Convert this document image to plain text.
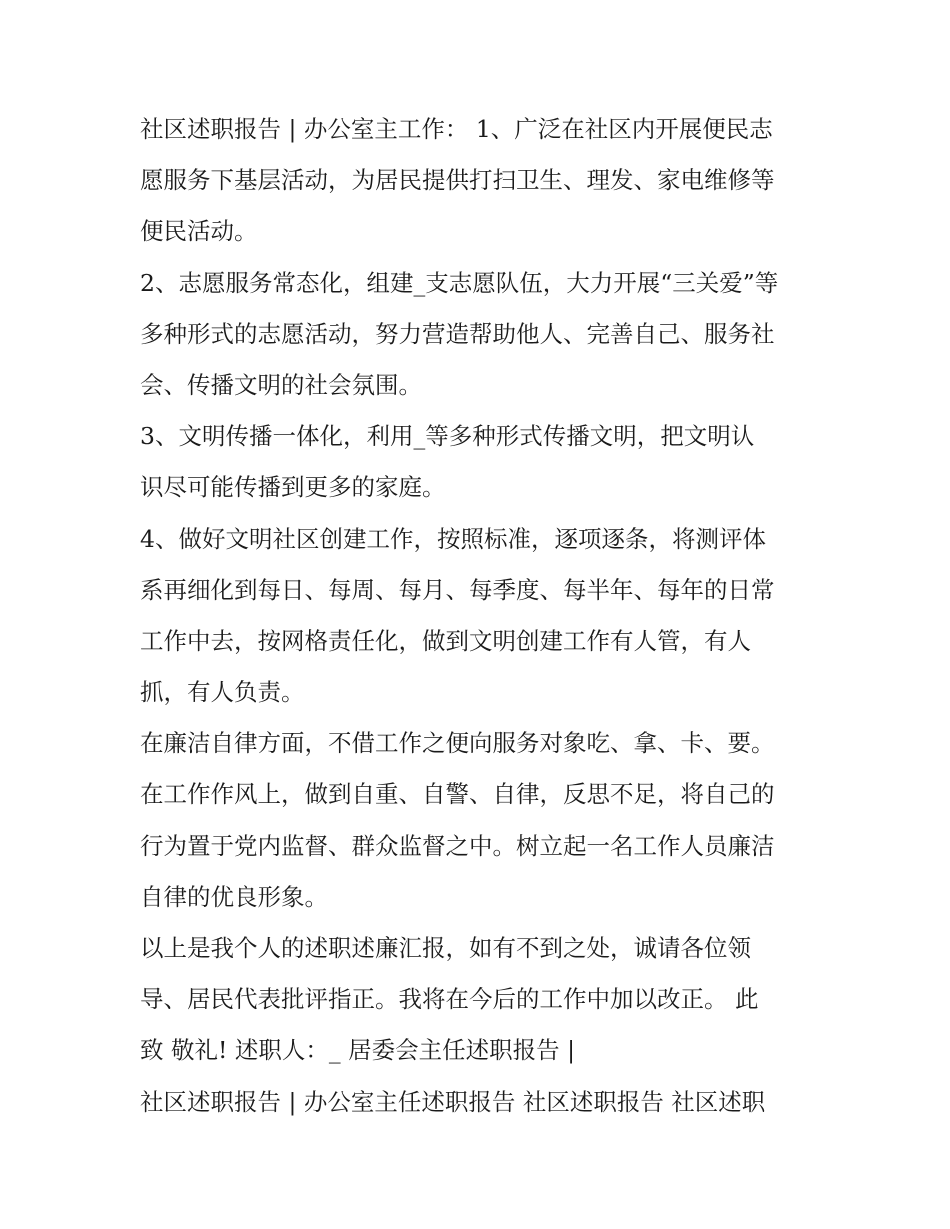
社区述职报告 | 办公室主工作： 1、广泛在社区内开展便民志
愿服务下基层活动，为居民提供打扫卫生、理发、家电维修等
便民活动。
2、志愿服务常态化，组建_支志愿队伍，大力开展“三关爱”等
多种形式的志愿活动，努力营造帮助他人、完善自己、服务社
会、传播文明的社会氛围。
3、文明传播一体化，利用_等多种形式传播文明，把文明认
识尽可能传播到更多的家庭。
4、做好文明社区创建工作，按照标准，逐项逐条，将测评体
系再细化到每日、每周、每月、每季度、每半年、每年的日常
工作中去，按网格责任化，做到文明创建工作有人管，有人
抓，有人负责。
在廉洁自律方面，不借工作之便向服务对象吃、拿、卡、要。
在工作作风上，做到自重、自警、自律，反思不足，将自己的
行为置于党内监督、群众监督之中。树立起一名工作人员廉洁
自律的优良形象。
以上是我个人的述职述廉汇报，如有不到之处，诚请各位领
导、居民代表批评指正。我将在今后的工作中加以改正。 此
致 敬礼! 述职人：_ 居委会主任述职报告 |
社区述职报告 | 办公室主任述职报告 社区述职报告 社区述职
